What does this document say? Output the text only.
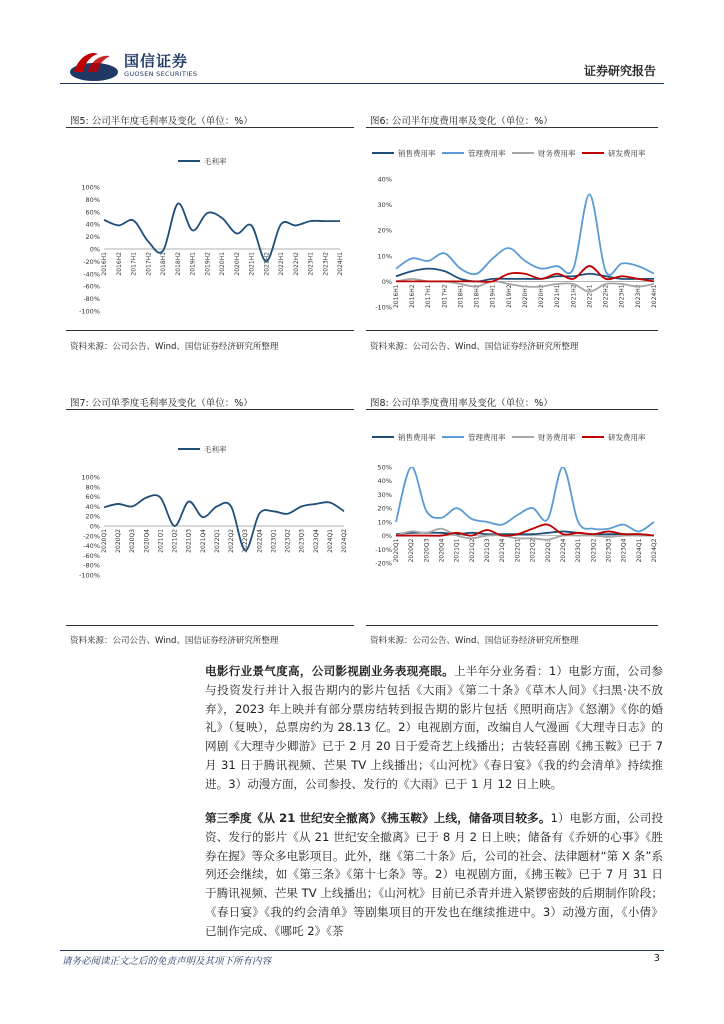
国信证券
GUOSEN SECURITIES	证券研究报告
图5: 公司半年度毛利率及变化（单位：%）
毛利率
100%
80%
60%
40%
20%
0%
-20%
-40%
-60%
-80%
-100%
2016H1 2016H2 2017H1 2017H2 2018H1 2018H2 2019H1 2019H2 2020H1 2020H2 2021H1 2021H2 2022H1 2022H2 2023H1 2023H2 2024H1
资料来源：公司公告、Wind、国信证券经济研究所整理
图6: 公司半年度费用率及变化（单位：%）
销售费用率	管理费用率	财务费用率	研发费用率
40%
30%
20%
10%
0%
-10% 2016H1 2016H2 2017H1 2017H2 2018H1 2018H2 2019H1 2019H2 2020H1 2020H2 2021H1 2021H2 2022H1 2022H2 2023H1 2023H2 2024H1
资料来源：公司公告、Wind、国信证券经济研究所整理
图7: 公司单季度毛利率及变化（单位：%）
毛利率
100%
80%
60%
40%
20%
0%
-20%
-40%
-60%
-80%
-100%
2020Q1 2020Q2 2020Q3 2020Q4 2021Q1 2021Q2 2021Q3 2021Q4 2022Q1 2022Q2 2022Q3 2022Q4 2023Q1 2023Q2 2023Q3 2023Q4 2024Q1 2024Q2
资料来源：公司公告、Wind、国信证券经济研究所整理
图8: 公司单季度费用率及变化（单位：%）
销售费用率	管理费用率	财务费用率	研发费用率
50%
40%
30%
20%
10%
0%
-10%
-20%
2020Q1 2020Q2 2020Q3 2020Q4 2021Q1 2021Q2 2021Q3 2021Q4 2022Q1 2022Q2 2022Q3 2022Q4 2023Q1 2023Q2 2023Q3 2023Q4 2024Q1 2024Q2
资料来源：公司公告、Wind、国信证券经济研究所整理
电影行业景气度高，公司影视剧业务表现亮眼。上半年分业务看：1）电影方面，公司参与投资发行并计入报告期内的影片包括《大雨》《第二十条》《草木人间》《扫黑·决不放弃》，2023 年上映并有部分票房结转到报告期的影片包括《照明商店》《怒潮》《你的婚礼》（复映），总票房约为 28.13 亿。2）电视剧方面，改编自人气漫画《大理寺日志》的网剧《大理寺少卿游》已于 2 月 20 日于爱奇艺上线播出；古装轻喜剧《拂玉鞍》已于 7 月 31 日于腾讯视频、芒果 TV 上线播出；《山河枕》《春日宴》《我的约会清单》持续推进。3）动漫方面，公司参投、发行的《大雨》已于 1 月 12 日上映。
第三季度《从 21 世纪安全撤离》《拂玉鞍》上线，储备项目较多。1）电影方面，公司投资、发行的影片《从 21 世纪安全撤离》已于 8 月 2 日上映；储备有《乔妍的心事》《胜券在握》等众多电影项目。此外，继《第二十条》后，公司的社会、法律题材“第 X 条”系列还会继续，如《第三条》《第十七条》等。2）电视剧方面，《拂玉鞍》已于 7 月 31 日于腾讯视频、芒果 TV 上线播出；《山河枕》目前已杀青并进入紧锣密鼓的后期制作阶段；《春日宴》《我的约会清单》等剧集项目的开发也在继续推进中。3）动漫方面，《小倩》已制作完成、《哪吒 2》《茶
请务必阅读正文之后的免责声明及其项下所有内容	3
